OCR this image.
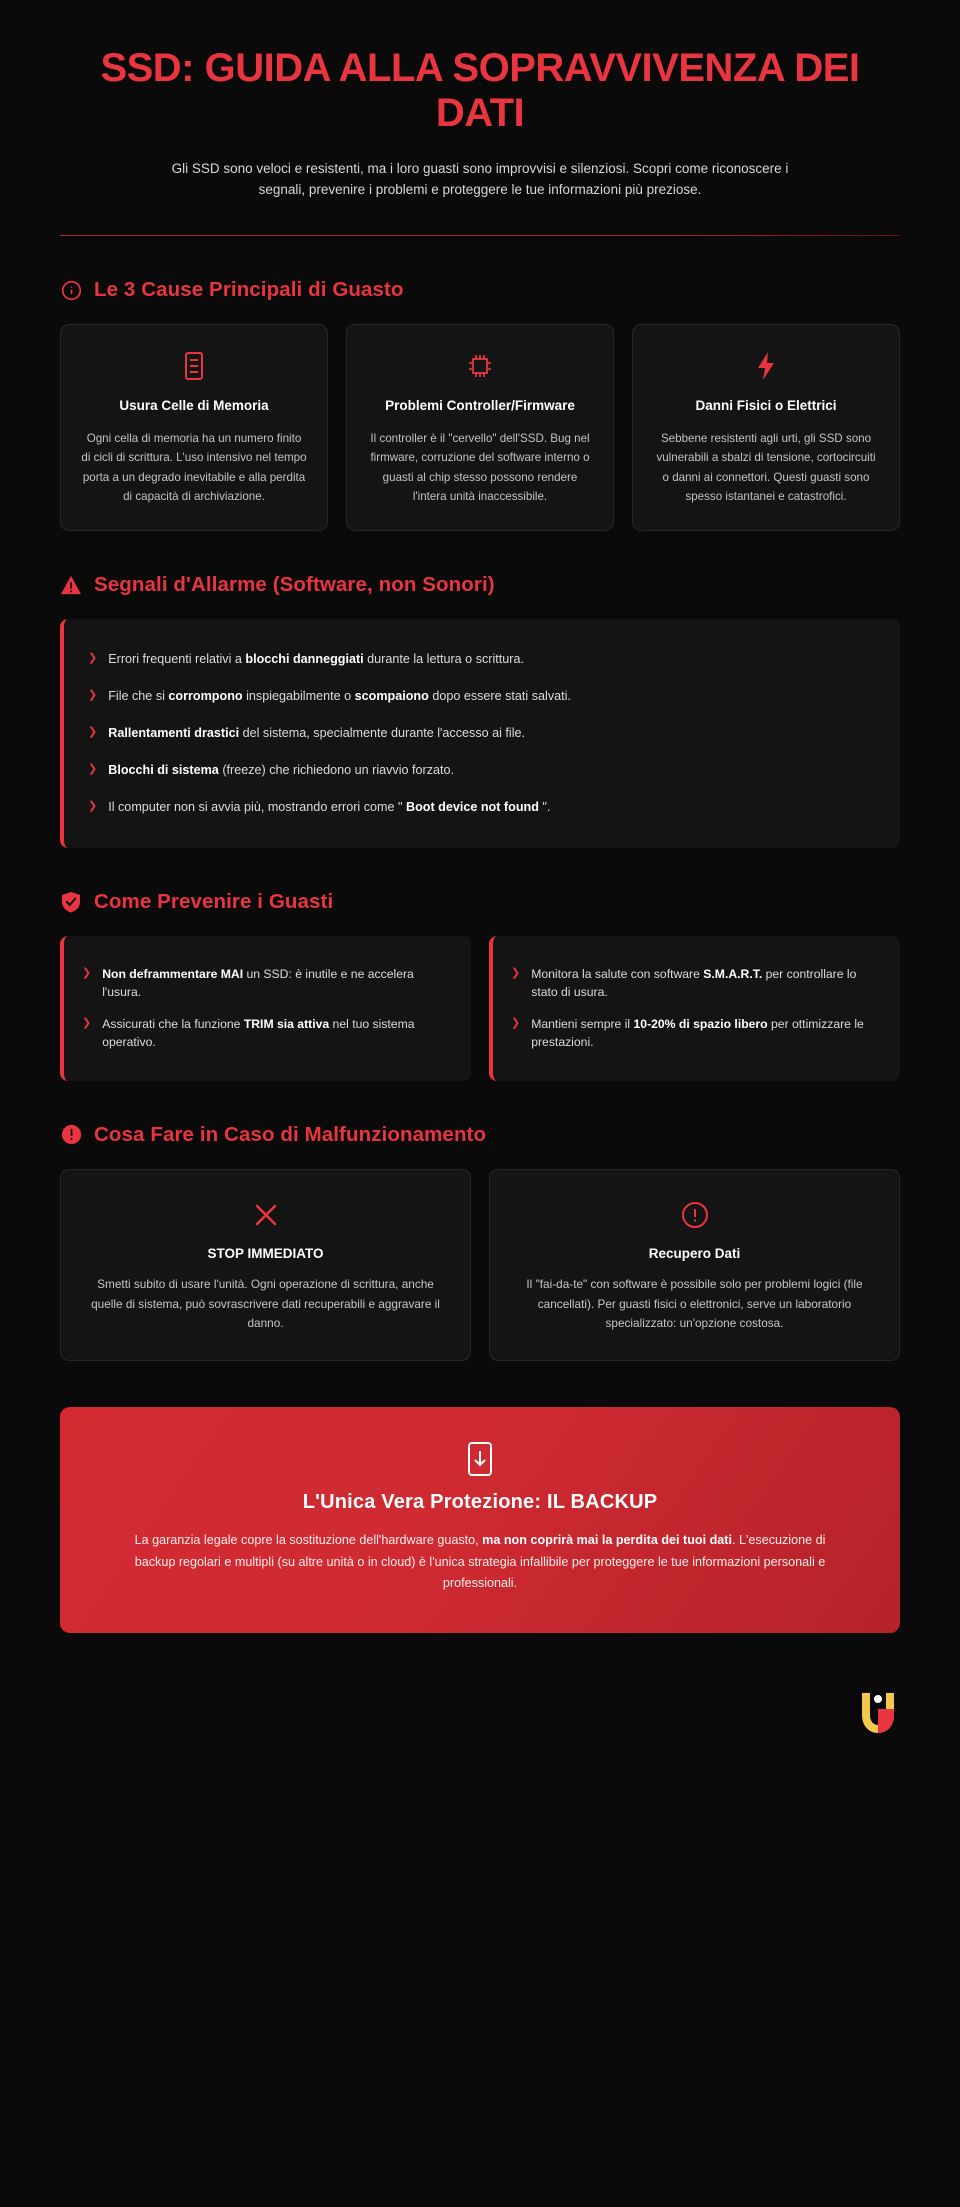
SSD: GUIDA ALLA SOPRAVVIVENZA DEI DATI

Gli SSD sono veloci e resistenti, ma i loro guasti sono improvvisi e silenziosi. Scopri come riconoscere i segnali, prevenire i problemi e proteggere le tue informazioni più preziose.

Le 3 Cause Principali di Guasto
Usura Celle di Memoria

Ogni cella di memoria ha un numero finito di cicli di scrittura. L'uso intensivo nel tempo porta a un degrado inevitabile e alla perdita di capacità di archiviazione.

Problemi Controller/Firmware

Il controller è il "cervello" dell'SSD. Bug nel firmware, corruzione del software interno o guasti al chip stesso possono rendere l'intera unità inaccessibile.

Danni Fisici o Elettrici

Sebbene resistenti agli urti, gli SSD sono vulnerabili a sbalzi di tensione, cortocircuiti o danni ai connettori. Questi guasti sono spesso istantanei e catastrofici.

Segnali d'Allarme (Software, non Sonori)
❯ Errori frequenti relativi a blocchi danneggiati durante la lettura o scrittura.
❯ File che si corrompono inspiegabilmente o scompaiono dopo essere stati salvati.
❯ Rallentamenti drastici del sistema, specialmente durante l'accesso ai file.
❯ Blocchi di sistema (freeze) che richiedono un riavvio forzato.
❯ Il computer non si avvia più, mostrando errori come " Boot device not found ".
Come Prevenire i Guasti
❯ Non deframmentare MAI un SSD: è inutile e ne accelera l'usura.
❯ Assicurati che la funzione TRIM sia attiva nel tuo sistema operativo.
❯ Monitora la salute con software S.M.A.R.T. per controllare lo stato di usura.
❯ Mantieni sempre il 10-20% di spazio libero per ottimizzare le prestazioni.
Cosa Fare in Caso di Malfunzionamento
STOP IMMEDIATO

Smetti subito di usare l'unità. Ogni operazione di scrittura, anche quelle di sistema, può sovrascrivere dati recuperabili e aggravare il danno.

Recupero Dati

Il "fai-da-te" con software è possibile solo per problemi logici (file cancellati). Per guasti fisici o elettronici, serve un laboratorio specializzato: un'opzione costosa.

L'Unica Vera Protezione: IL BACKUP

La garanzia legale copre la sostituzione dell'hardware guasto, ma non coprirà mai la perdita dei tuoi dati. L'esecuzione di backup regolari e multipli (su altre unità o in cloud) è l'unica strategia infallibile per proteggere le tue informazioni personali e professionali.
